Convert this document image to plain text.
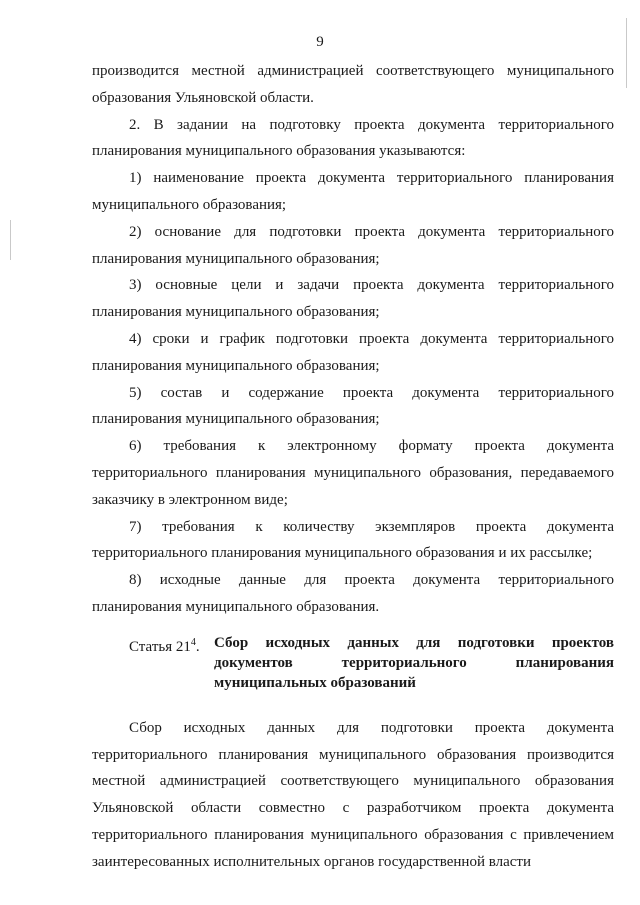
9

производится местной администрацией соответствующего муниципального образования Ульяновской области.

2. В задании на подготовку проекта документа территориального планирования муниципального образования указываются:

1) наименование проекта документа территориального планирования муниципального образования;

2) основание для подготовки проекта документа территориального планирования муниципального образования;

3) основные цели и задачи проекта документа территориального планирования муниципального образования;

4) сроки и график подготовки проекта документа территориального планирования муниципального образования;

5) состав и содержание проекта документа территориального планирования муниципального образования;

6) требования к электронному формату проекта документа территориального планирования муниципального образования, передаваемого заказчику в электронном виде;

7) требования к количеству экземпляров проекта документа территориального планирования муниципального образования и их рассылке;

8) исходные данные для проекта документа территориального планирования муниципального образования.

Статья $21^4$. Сбор исходных данных для подготовки проектов документов территориального планирования муниципальных образований

Сбор исходных данных для подготовки проекта документа территориального планирования муниципального образования производится местной администрацией соответствующего муниципального образования Ульяновской области совместно с разработчиком проекта документа территориального планирования муниципального образования с привлечением заинтересованных исполнительных органов государственной власти
